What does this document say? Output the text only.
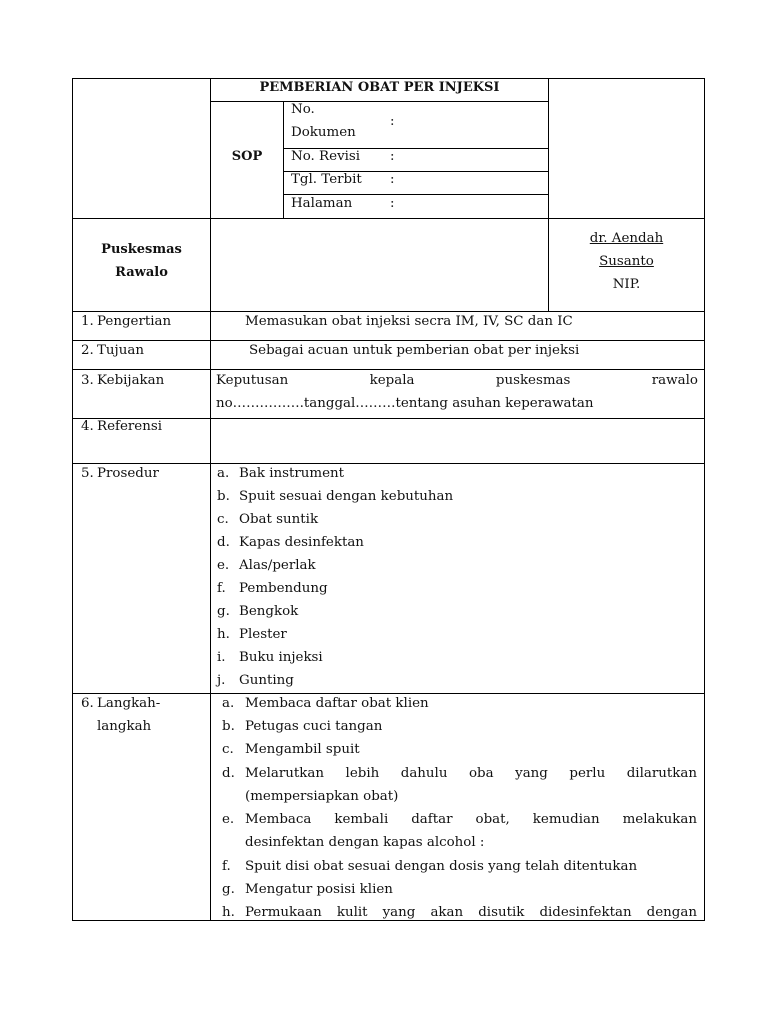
PEMBERIAN OBAT PER INJEKSI
SOP
No.
Dokumen
:
No. Revisi :
Tgl. Terbit :
Halaman	:
Puskesmas
Rawalo
dr. Aendah
Susanto
NIP.
1. Pengertian	Memasukan obat injeksi secra IM, IV, SC dan IC
2. Tujuan	Sebagai acuan untuk pemberian obat per injeksi
3. Kebijakan	Keputusan	kepala	puskesmas	rawalo
no…………….tanggal………tentang asuhan keperawatan
4. Referensi
5. Prosedur	a. Bak instrument
b. Spuit sesuai dengan kebutuhan
c. Obat suntik
d. Kapas desinfektan
e. Alas/perlak
f. Pembendung
g. Bengkok
h. Plester
i. Buku injeksi
j. Gunting
6. Langkah-
langkah
a. Membaca daftar obat klien
b. Petugas cuci tangan
c. Mengambil spuit
d. Melarutkan lebih dahulu oba yang perlu dilarutkan
(mempersiapkan obat)
e. Membaca kembali daftar obat, kemudian melakukan
desinfektan dengan kapas alcohol :
f. Spuit disi obat sesuai dengan dosis yang telah ditentukan
g. Mengatur posisi klien
h. Permukaan kulit yang akan disutik didesinfektan dengan
